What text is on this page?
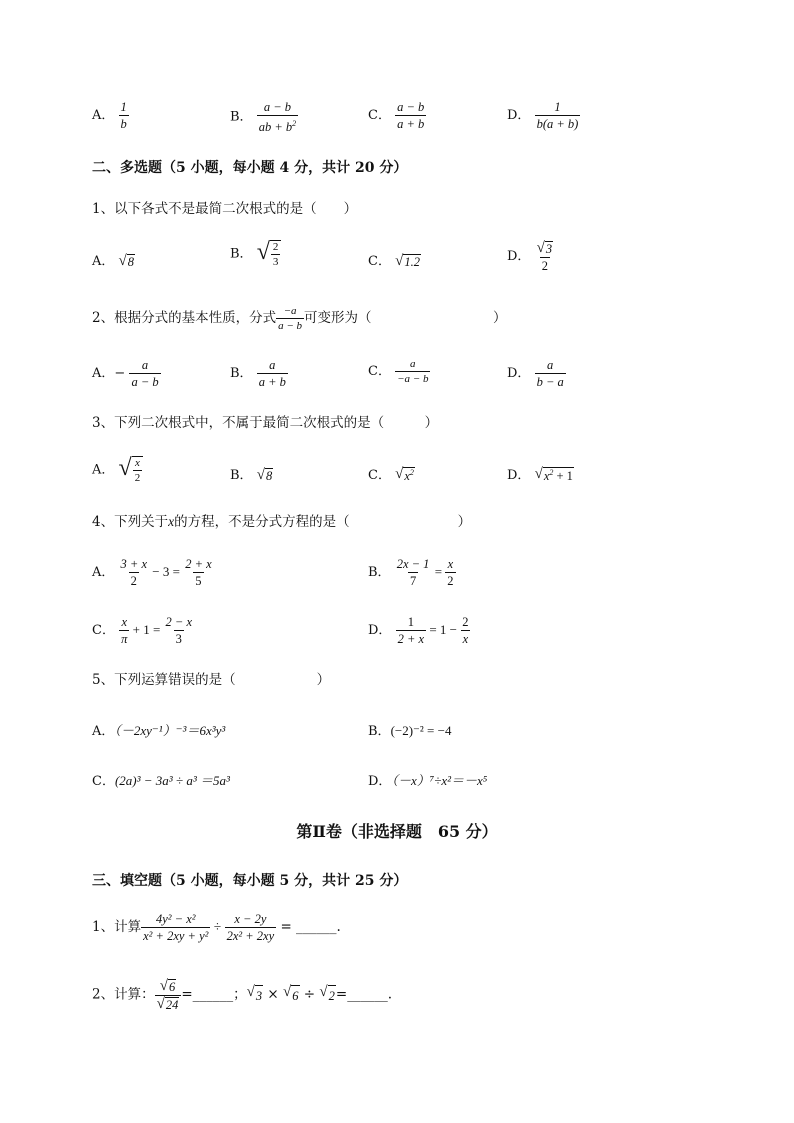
A． $\frac{1}{b}$	B． $\frac{a - b}{ab + b^2}$	C． $\frac{a - b}{a + b}$	D． $\frac{1}{b(a + b)}$
二、多选题（5 小题，每小题 4 分，共计 20 分）
1、以下各式不是最简二次根式的是（　　）
A． √ 8	B． √ $\frac{2}{3}$	C． √ 1.2	D． $\frac{√ 3}{2}$
2、根据分式的基本性质，分式 $\frac{-a}{a - b}$ 可变形为（　　　　　　　　　）
A．− $\frac{a}{a - b}$	B． $\frac{a}{a + b}$	C． $\frac{a}{-a - b}$	D． $\frac{a}{b - a}$
3、下列二次根式中，不属于最简二次根式的是（　　　）
A． √ $\frac{x}{2}$	B． √ 8	C． √ $x^2$	D． √ $x^2 + 1$
4、下列关于x的方程，不是分式方程的是（　　　　　　　　）
A． $\frac{3 + x}{2} - 3 = \frac{2 + x}{5}$	B． $\frac{2x - 1}{7} = \frac{x}{2}$
C． $\frac{x}{\pi} + 1 = \frac{2 - x}{3}$	D． $\frac{1}{2 + x} = 1 - \frac{2}{x}$
5、下列运算错误的是（　　　　　　）
A．（－2xy⁻¹）⁻³＝6x³y³	B．(−2)⁻² = −4
C．(2a)³ − 3a³ ÷ a³ ＝5a³	D．（－x）⁷÷x²＝－x⁵
第Ⅱ卷（非选择题　65 分）
三、填空题（5 小题，每小题 5 分，共计 25 分）
1、计算 $\frac{\text{4y² − x²}}{\text{x² + 2xy + y²}} \div \frac{x - 2y}{\text{2x² + 2xy}}$ = ______.
2、计算： $\frac{√ 6}{√ 24}$ =______； √ 3 × √ 6 ÷ √ 2 =______.
